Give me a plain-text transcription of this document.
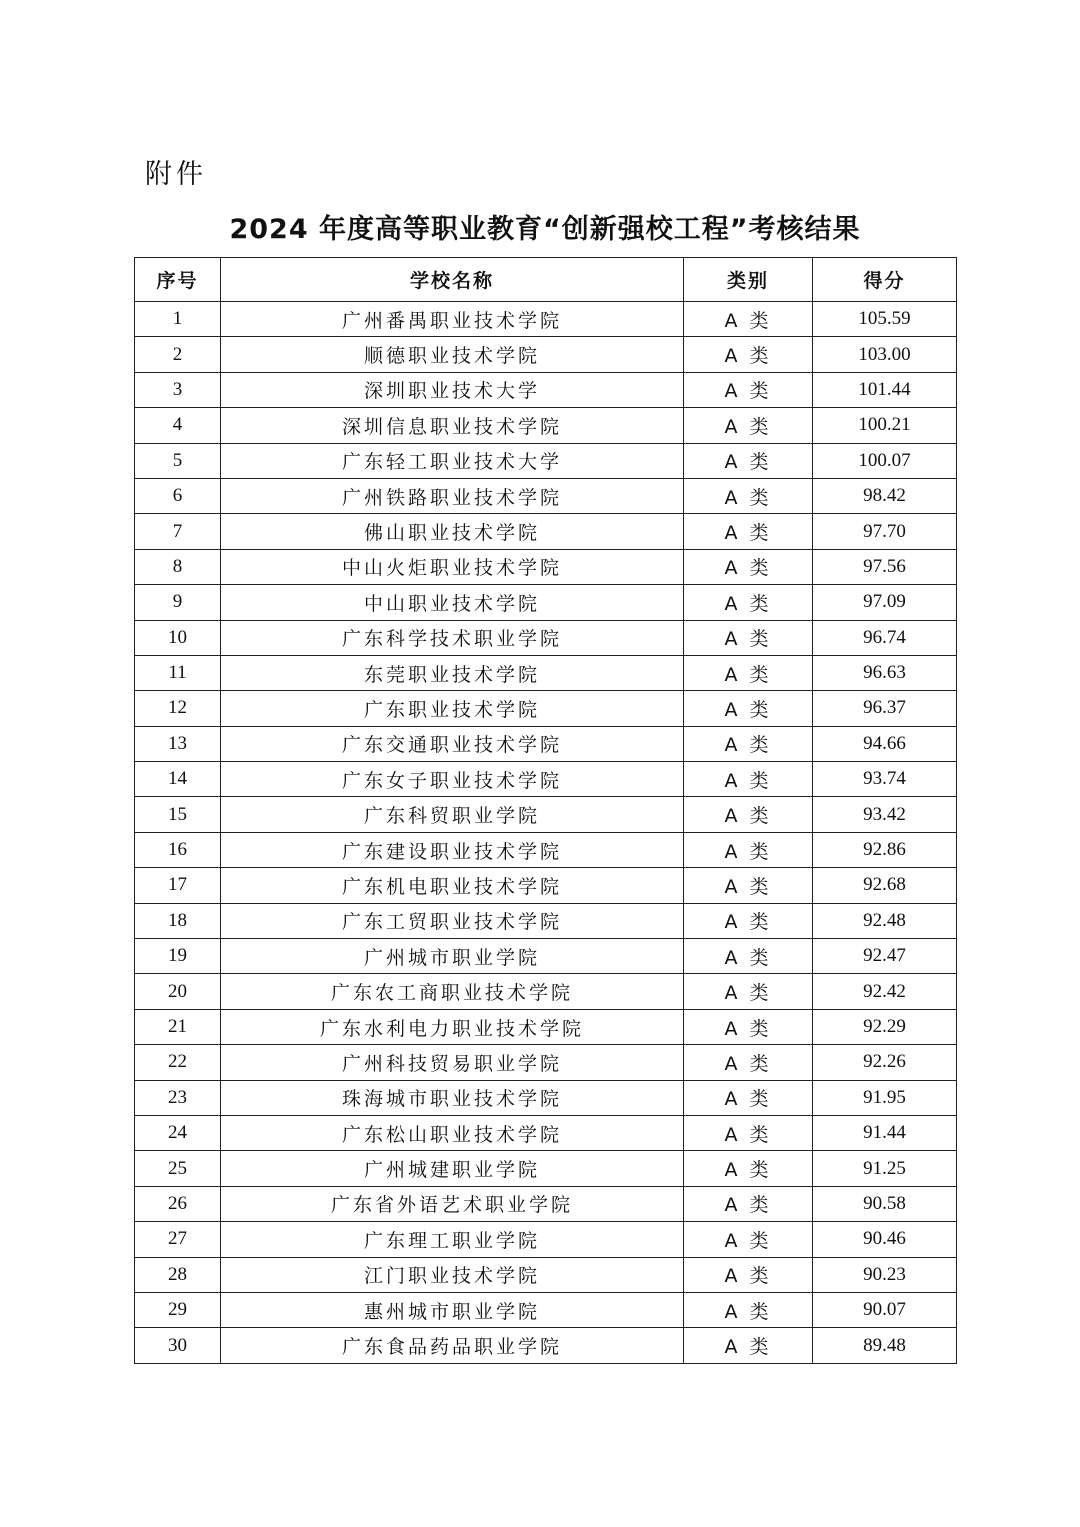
附件
2024 年度高等职业教育“创新强校工程”考核结果
序号	学校名称	类别	得分
1	广州番禺职业技术学院	A 类	105.59
2	顺德职业技术学院	A 类	103.00
3	深圳职业技术大学	A 类	101.44
4	深圳信息职业技术学院	A 类	100.21
5	广东轻工职业技术大学	A 类	100.07
6	广州铁路职业技术学院	A 类	98.42
7	佛山职业技术学院	A 类	97.70
8	中山火炬职业技术学院	A 类	97.56
9	中山职业技术学院	A 类	97.09
10	广东科学技术职业学院	A 类	96.74
11	东莞职业技术学院	A 类	96.63
12	广东职业技术学院	A 类	96.37
13	广东交通职业技术学院	A 类	94.66
14	广东女子职业技术学院	A 类	93.74
15	广东科贸职业学院	A 类	93.42
16	广东建设职业技术学院	A 类	92.86
17	广东机电职业技术学院	A 类	92.68
18	广东工贸职业技术学院	A 类	92.48
19	广州城市职业学院	A 类	92.47
20	广东农工商职业技术学院	A 类	92.42
21	广东水利电力职业技术学院	A 类	92.29
22	广州科技贸易职业学院	A 类	92.26
23	珠海城市职业技术学院	A 类	91.95
24	广东松山职业技术学院	A 类	91.44
25	广州城建职业学院	A 类	91.25
26	广东省外语艺术职业学院	A 类	90.58
27	广东理工职业学院	A 类	90.46
28	江门职业技术学院	A 类	90.23
29	惠州城市职业学院	A 类	90.07
30	广东食品药品职业学院	A 类	89.48
